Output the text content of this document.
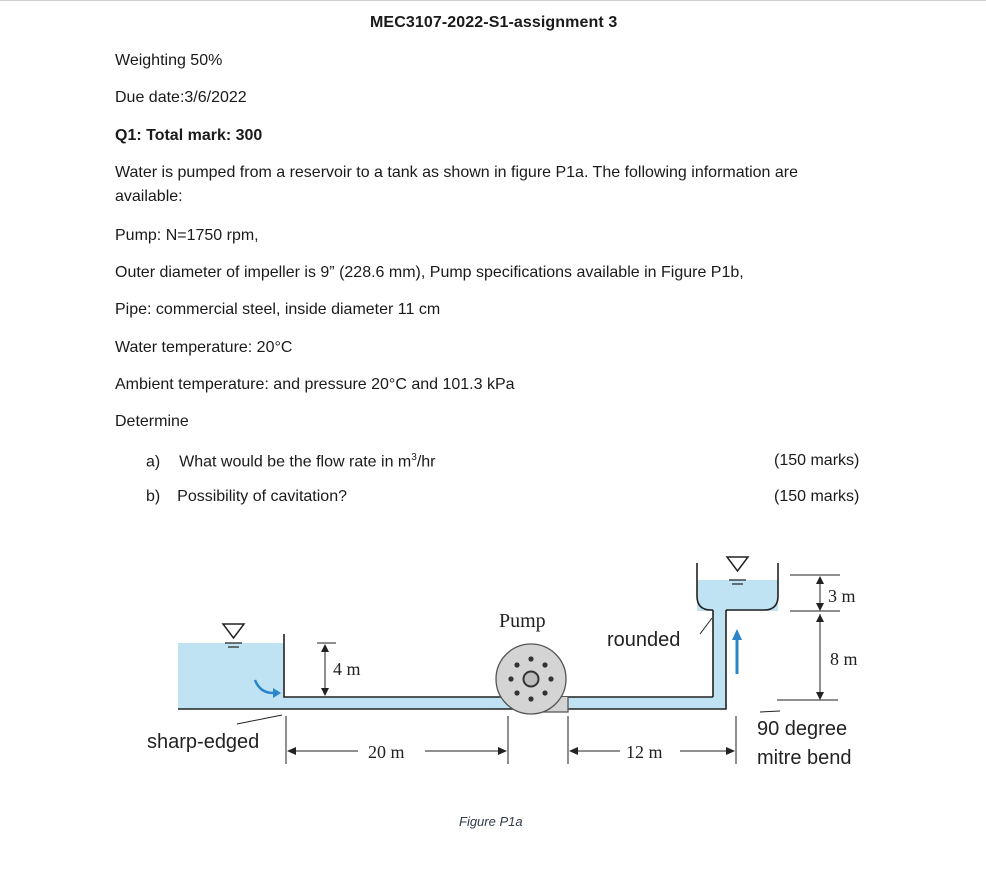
MEC3107-2022-S1-assignment 3
Weighting 50%
Due date:3/6/2022
Q1: Total mark: 300
Water is pumped from a reservoir to a tank as shown in figure P1a. The following information are
available:
Pump: N=1750 rpm,
Outer diameter of impeller is 9” (228.6 mm), Pump specifications available in Figure P1b,
Pipe: commercial steel, inside diameter 11 cm
Water temperature: 20°C
Ambient temperature: and pressure 20°C and 101.3 kPa
Determine
a) What would be the flow rate in $m^3/hr$	(150 marks)
b) Possibility of cavitation?	(150 marks)
4 m
3 m
8 m
20 m	12 m
Pump
rounded
sharp-edged
90 degree
mitre bend
Figure P1a
